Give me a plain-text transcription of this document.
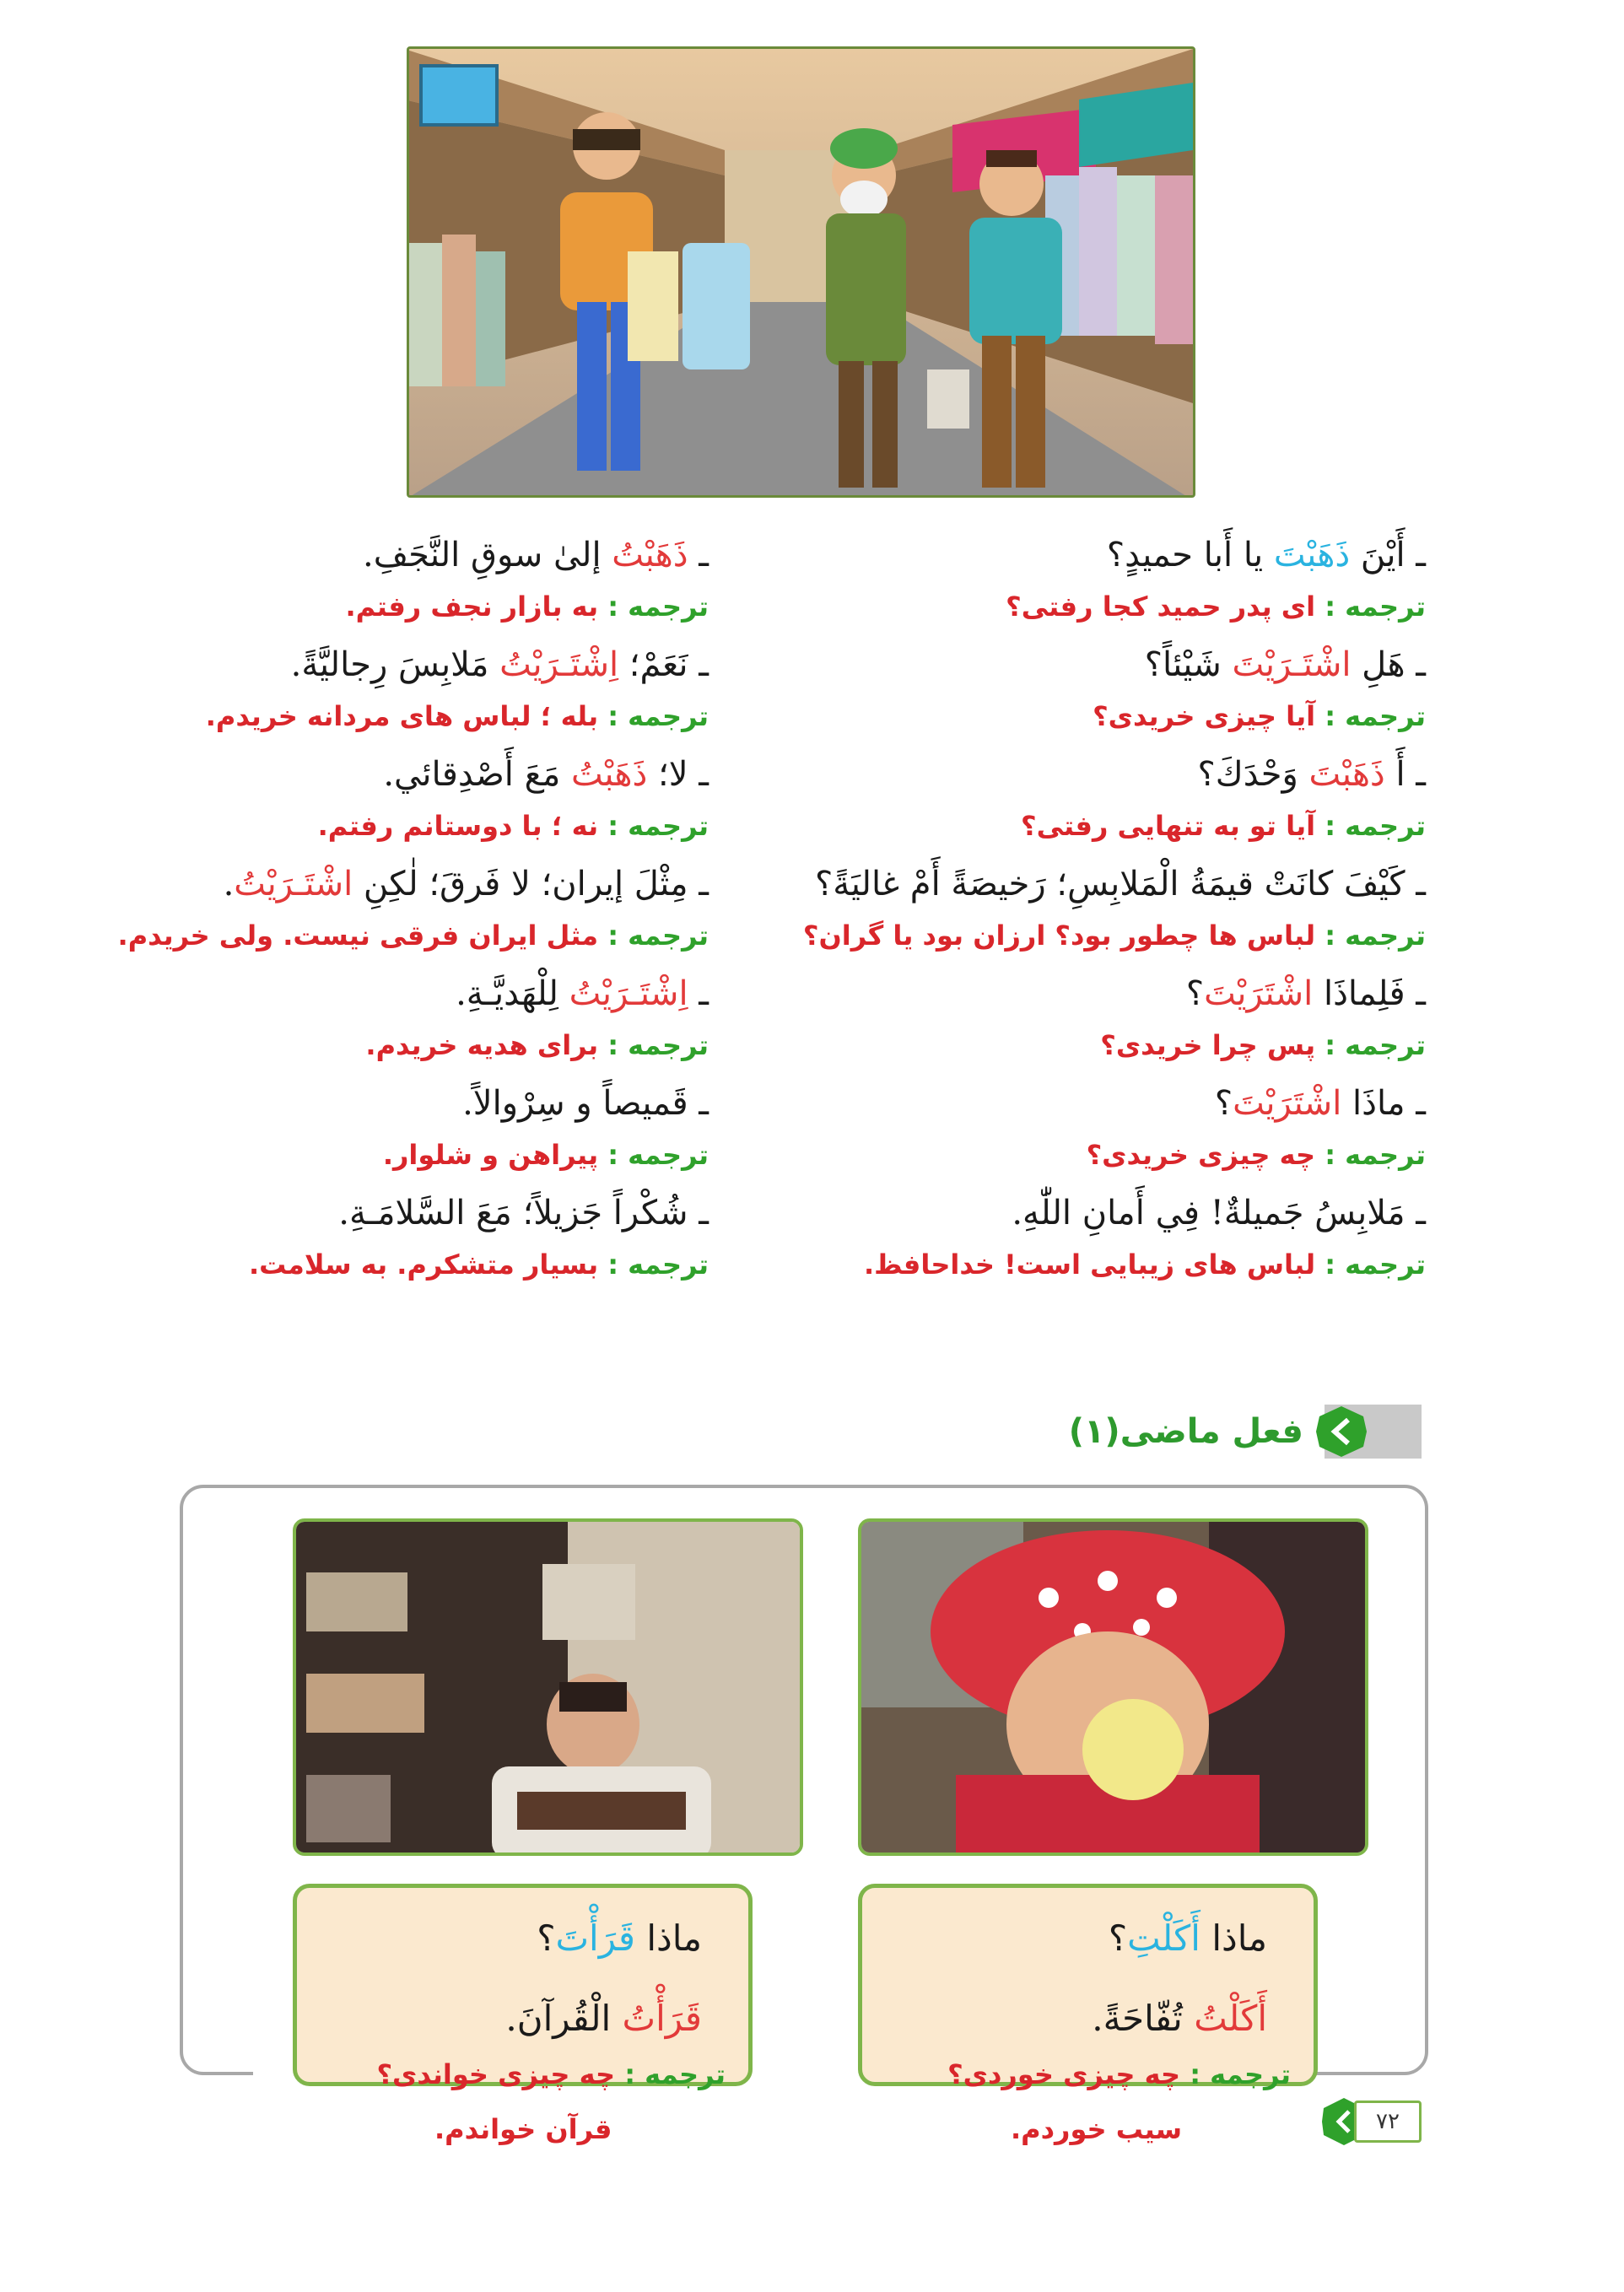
ـ أَیْنَ ذَهَبْتَ یا أَبا حمیدٍ؟
ترجمه : ای پدر حمید کجا رفتی؟
ـ هَلِ اشْتَـرَیْتَ شَیْئاً؟
ترجمه : آیا چیزی خریدی؟
ـ أَ ذَهَبْتَ وَحْدَكَ؟
ترجمه : آیا تو به تنهایی رفتی؟
ـ كَیْفَ كانَتْ قیمَةُ الْمَلابِسِ؛ رَخیصَةً أَمْ غالیَةً؟
ترجمه : لباس ها چطور بود؟ ارزان بود یا گران؟
ـ فَلِماذَا اشْتَرَیْتَ؟
ترجمه : پس چرا خریدی؟
ـ ماذَا اشْتَرَیْتَ؟
ترجمه : چه چیزی خریدی؟
ـ مَلابِسُ جَمیلةٌ! فِي أَمانِ اللّٰهِ.
ترجمه : لباس های زیبایی است! خداحافظ.
ـ ذَهَبْتُ إلىٰ سوقِ النَّجَفِ.
ترجمه : به بازار نجف رفتم.
ـ نَعَمْ؛ اِشْتَـرَیْتُ مَلابِسَ رِجالیَّةً.
ترجمه : بله ؛ لباس های مردانه خریدم.
ـ لا؛ ذَهَبْتُ مَعَ أَصْدِقائي.
ترجمه : نه ؛ با دوستانم رفتم.
ـ مِثْلَ إيران؛ لا فَرقَ؛ لٰكِنِ اشْتَـرَیْتُ.
ترجمه : مثل ایران فرقی نیست. ولی خریدم.
ـ اِشْتَـرَیْتُ لِلْهَدیَّـةِ.
ترجمه : برای هدیه خریدم.
ـ قَمیصاً و سِرْوالاً.
ترجمه : پیراهن و شلوار.
ـ شُكْراً جَزیلاً؛ مَعَ السَّلامَـةِ.
ترجمه : بسیار متشکرم. به سلامت.
فعل ماضی(۱)
ماذا أَكَلْتِ؟
أَكَلْتُ تُفّاحَةً.
ماذا قَرَأْتَ؟
قَرَأْتُ الْقُرآنَ.
ترجمه : چه چیزی خوردی؟
سیب خوردم.
ترجمه : چه چیزی خواندی؟
قرآن خواندم.	۷۲
